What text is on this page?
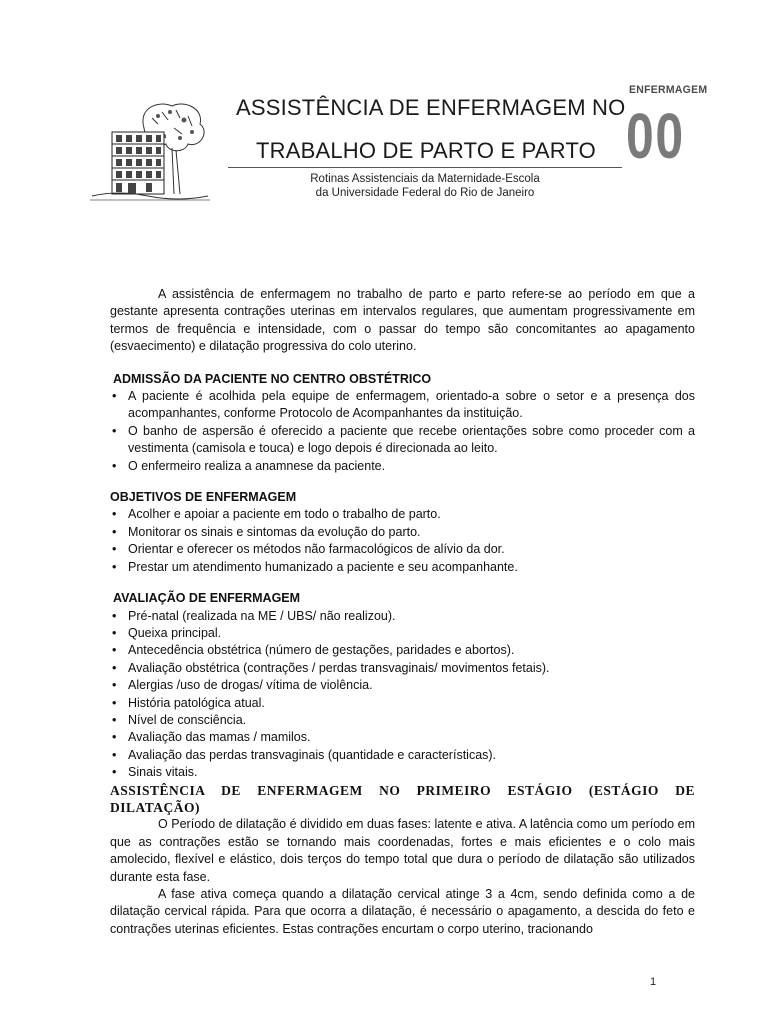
ENFERMAGEM
00
ASSISTÊNCIA DE ENFERMAGEM NO
TRABALHO DE PARTO E PARTO
Rotinas Assistenciais da Maternidade-Escola
da Universidade Federal do Rio de Janeiro

A assistência de enfermagem no trabalho de parto e parto refere-se ao período em que a gestante apresenta contrações uterinas em intervalos regulares, que aumentam progressivamente em termos de frequência e intensidade, com o passar do tempo são concomitantes ao apagamento (esvaecimento) e dilatação progressiva do colo uterino.

ADMISSÃO DA PACIENTE NO CENTRO OBSTÉTRICO
• A paciente é acolhida pela equipe de enfermagem, orientado-a sobre o setor e a presença dos acompanhantes, conforme Protocolo de Acompanhantes da instituição.
• O banho de aspersão é oferecido a paciente que recebe orientações sobre como proceder com a vestimenta (camisola e touca) e logo depois é direcionada ao leito.
• O enfermeiro realiza a anamnese da paciente.
OBJETIVOS DE ENFERMAGEM
• Acolher e apoiar a paciente em todo o trabalho de parto.
• Monitorar os sinais e sintomas da evolução do parto.
• Orientar e oferecer os métodos não farmacológicos de alívio da dor.
• Prestar um atendimento humanizado a paciente e seu acompanhante.
AVALIAÇÃO DE ENFERMAGEM
• Pré-natal (realizada na ME / UBS/ não realizou).
• Queixa principal.
• Antecedência obstétrica (número de gestações, paridades e abortos).
• Avaliação obstétrica (contrações / perdas transvaginais/ movimentos fetais).
• Alergias /uso de drogas/ vítima de violência.
• História patológica atual.
• Nível de consciência.
• Avaliação das mamas / mamilos.
• Avaliação das perdas transvaginais (quantidade e características).
• Sinais vitais.
ASSISTÊNCIA DE ENFERMAGEM NO PRIMEIRO ESTÁGIO (ESTÁGIO DE DILATAÇÃO)

O Período de dilatação é dividido em duas fases: latente e ativa. A latência como um período em que as contrações estão se tornando mais coordenadas, fortes e mais eficientes e o colo mais amolecido, flexível e elástico, dois terços do tempo total que dura o período de dilatação são utilizados durante esta fase.

A fase ativa começa quando a dilatação cervical atinge 3 a 4cm, sendo definida como a de dilatação cervical rápida. Para que ocorra a dilatação, é necessário o apagamento, a descida do feto e contrações uterinas eficientes. Estas contrações encurtam o corpo uterino, tracionando

1
